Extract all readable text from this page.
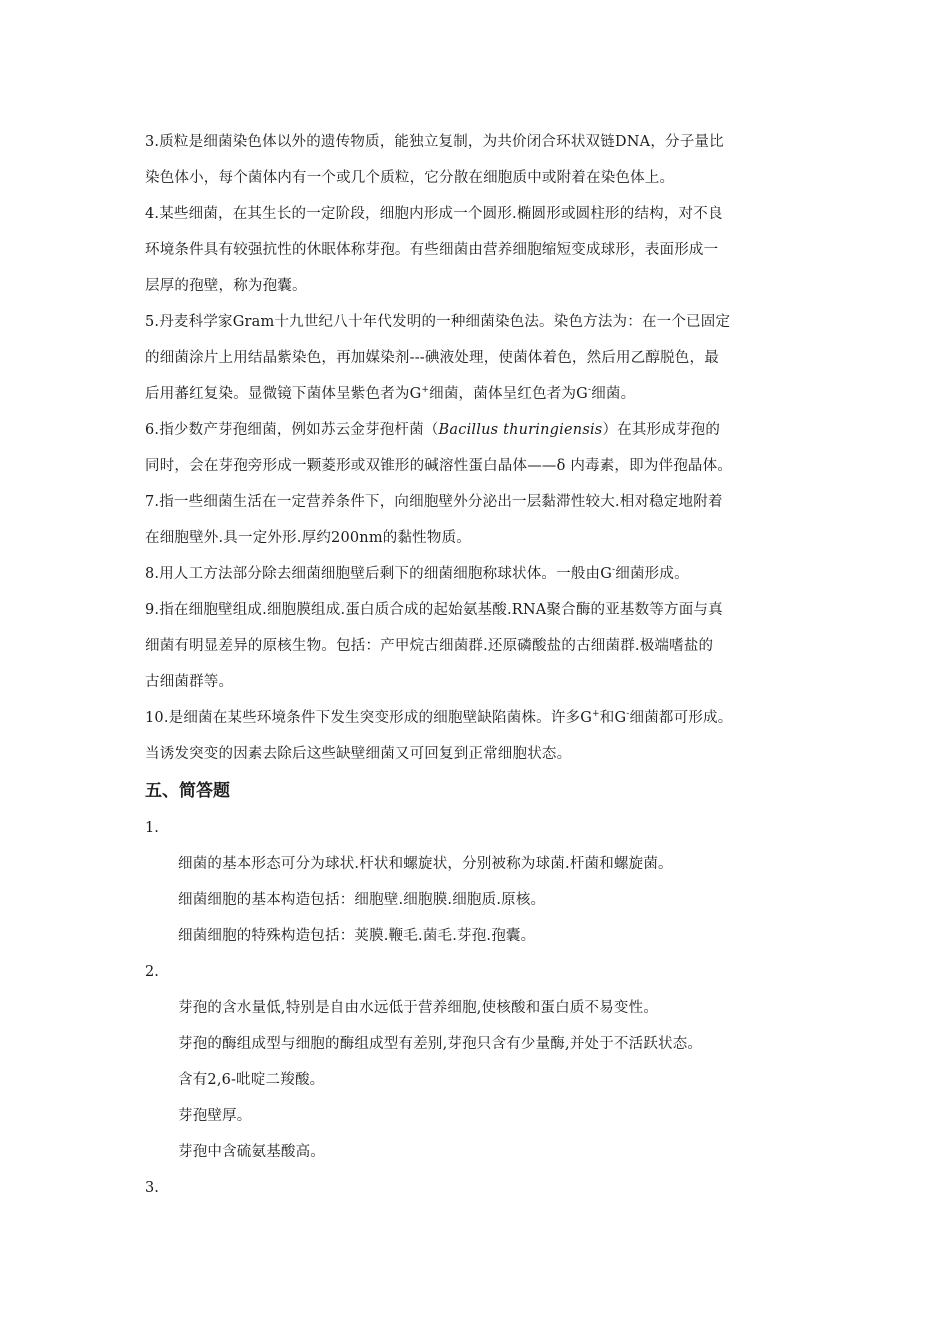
3.质粒是细菌染色体以外的遗传物质，能独立复制，为共价闭合环状双链DNA，分子量比
染色体小，每个菌体内有一个或几个质粒，它分散在细胞质中或附着在染色体上。
4.某些细菌，在其生长的一定阶段，细胞内形成一个圆形.椭圆形或圆柱形的结构，对不良
环境条件具有较强抗性的休眠体称芽孢。有些细菌由营养细胞缩短变成球形，表面形成一
层厚的孢壁，称为孢囊。
5.丹麦科学家Gram十九世纪八十年代发明的一种细菌染色法。染色方法为：在一个已固定
的细菌涂片上用结晶紫染色，再加媒染剂---碘液处理，使菌体着色，然后用乙醇脱色，最
后用蕃红复染。显微镜下菌体呈紫色者为G+细菌，菌体呈红色者为G-细菌。
6.指少数产芽孢细菌，例如苏云金芽孢杆菌（Bacillus thuringiensis）在其形成芽孢的
同时，会在芽孢旁形成一颗菱形或双锥形的碱溶性蛋白晶体——δ 内毒素，即为伴孢晶体。
7.指一些细菌生活在一定营养条件下，向细胞壁外分泌出一层黏滞性较大.相对稳定地附着
在细胞壁外.具一定外形.厚约200nm的黏性物质。
8.用人工方法部分除去细菌细胞壁后剩下的细菌细胞称球状体。一般由G-细菌形成。
9.指在细胞壁组成.细胞膜组成.蛋白质合成的起始氨基酸.RNA聚合酶的亚基数等方面与真
细菌有明显差异的原核生物。包括：产甲烷古细菌群.还原磷酸盐的古细菌群.极端嗜盐的
古细菌群等。
10.是细菌在某些环境条件下发生突变形成的细胞壁缺陷菌株。许多G+和G-细菌都可形成。
当诱发突变的因素去除后这些缺壁细菌又可回复到正常细胞状态。
五、简答题
1.
细菌的基本形态可分为球状.杆状和螺旋状，分别被称为球菌.杆菌和螺旋菌。
细菌细胞的基本构造包括：细胞壁.细胞膜.细胞质.原核。
细菌细胞的特殊构造包括：荚膜.鞭毛.菌毛.芽孢.孢囊。
2.
芽孢的含水量低,特别是自由水远低于营养细胞,使核酸和蛋白质不易变性。
芽孢的酶组成型与细胞的酶组成型有差别,芽孢只含有少量酶,并处于不活跃状态。
含有2,6-吡啶二羧酸。
芽孢壁厚。
芽孢中含硫氨基酸高。
3.
